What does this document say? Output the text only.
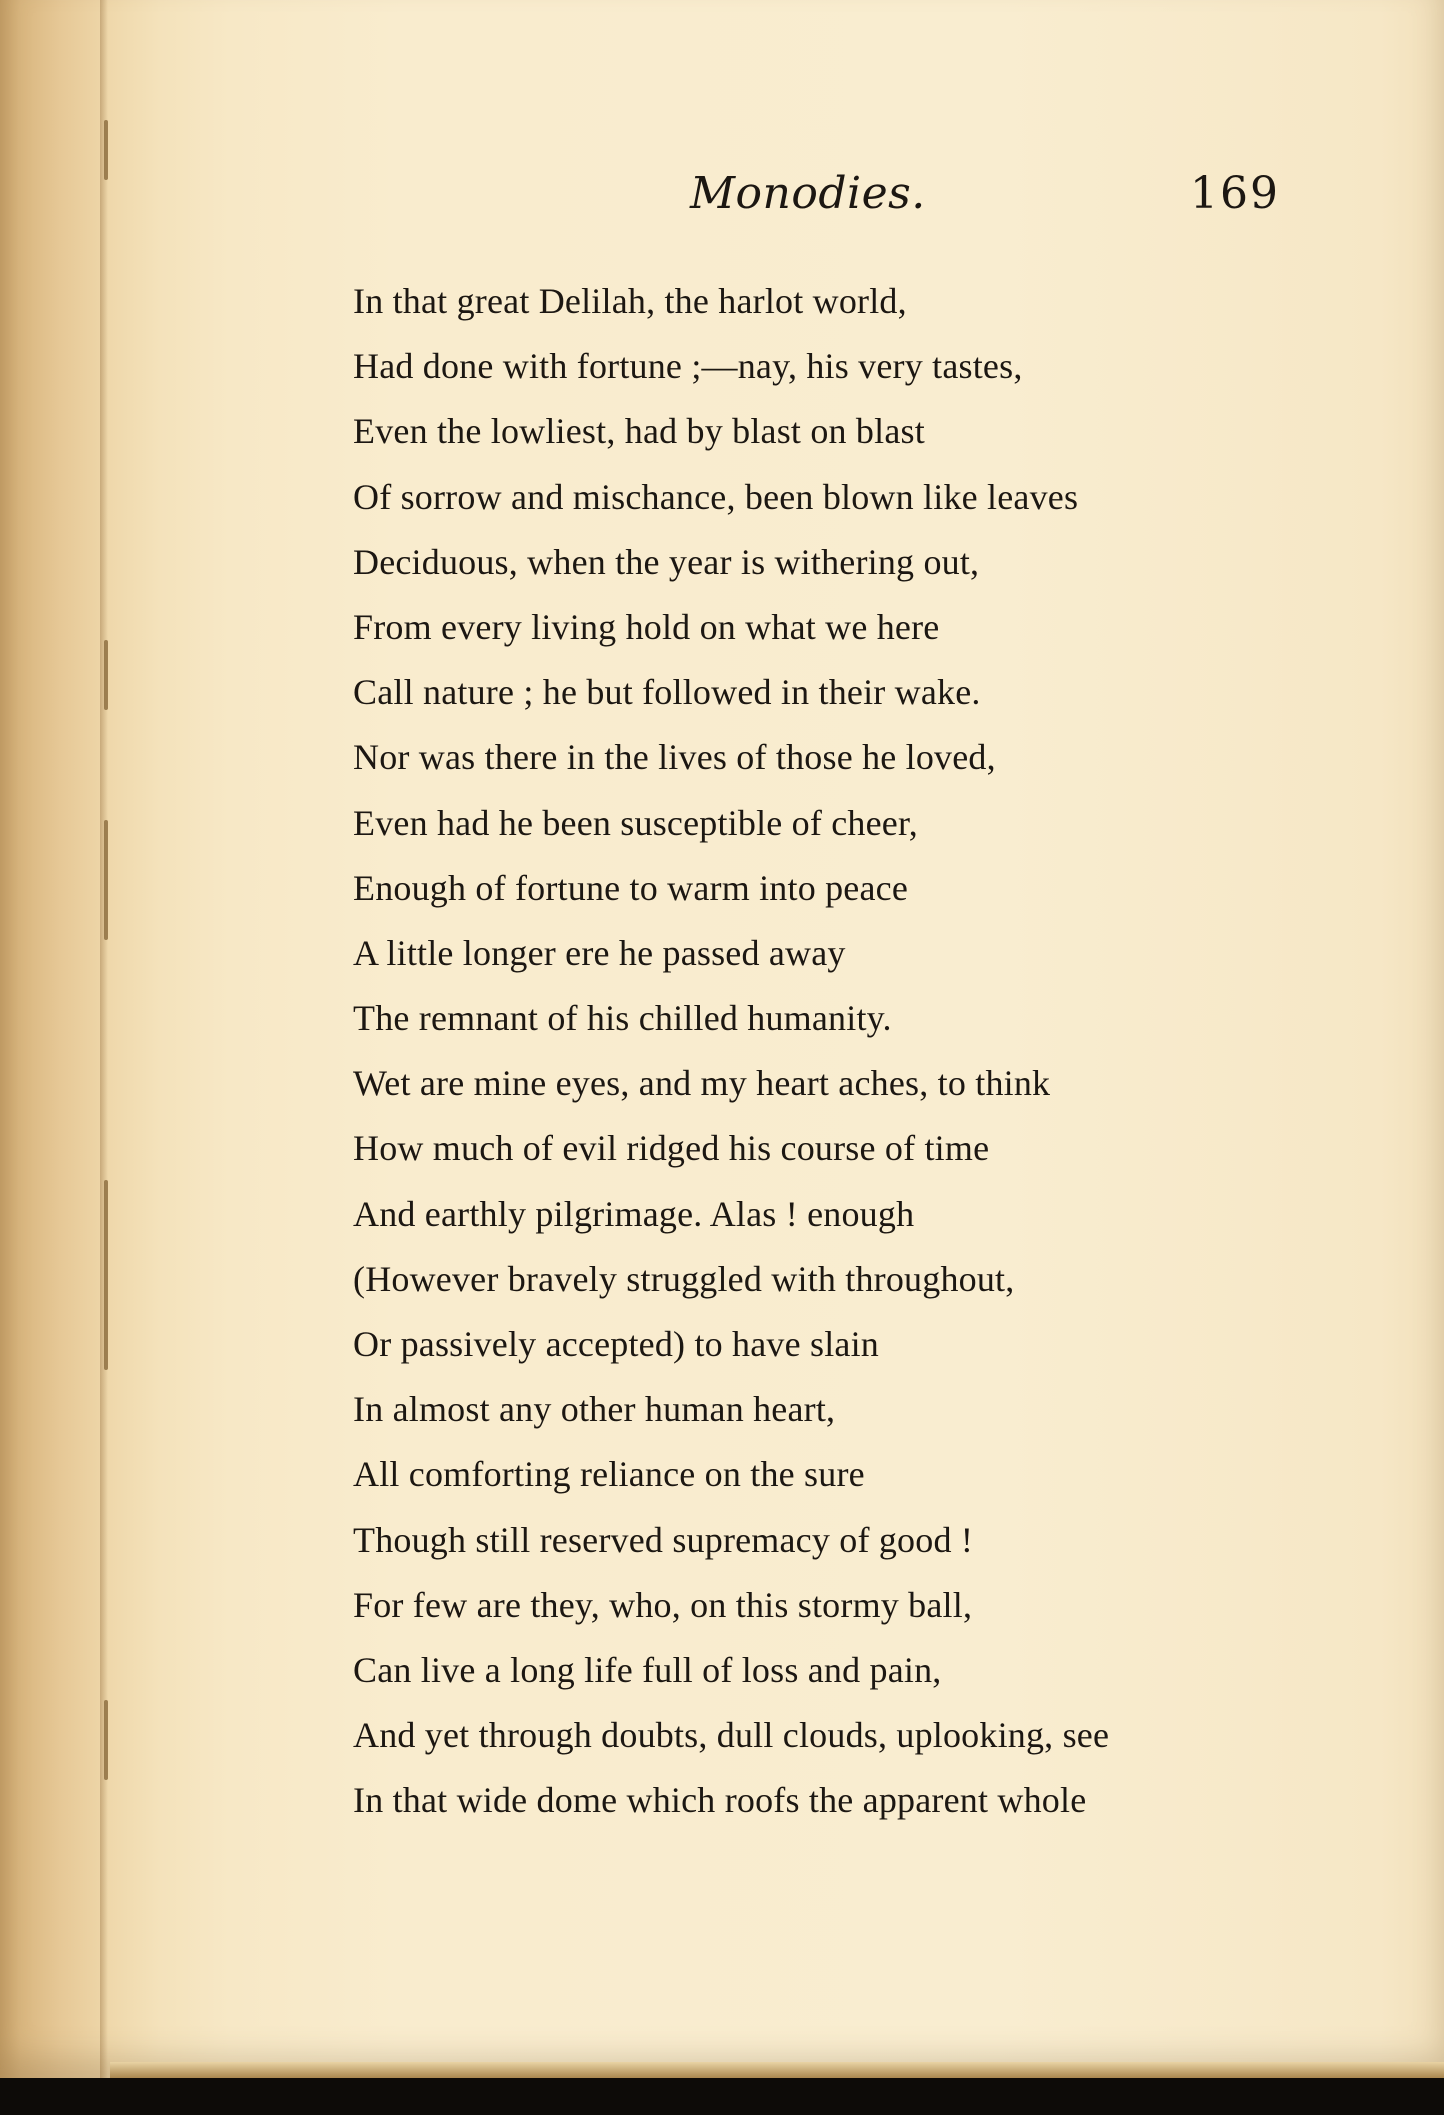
Monodies.	169
In that great Delilah, the harlot world,
Had done with fortune ;—nay, his very tastes,
Even the lowliest, had by blast on blast
Of sorrow and mischance, been blown like leaves
Deciduous, when the year is withering out,
From every living hold on what we here
Call nature ; he but followed in their wake.
Nor was there in the lives of those he loved,
Even had he been susceptible of cheer,
Enough of fortune to warm into peace
A little longer ere he passed away
The remnant of his chilled humanity.
Wet are mine eyes, and my heart aches, to think
How much of evil ridged his course of time
And earthly pilgrimage. Alas ! enough
(However bravely struggled with throughout,
Or passively accepted) to have slain
In almost any other human heart,
All comforting reliance on the sure
Though still reserved supremacy of good !
For few are they, who, on this stormy ball,
Can live a long life full of loss and pain,
And yet through doubts, dull clouds, uplooking, see
In that wide dome which roofs the apparent whole
